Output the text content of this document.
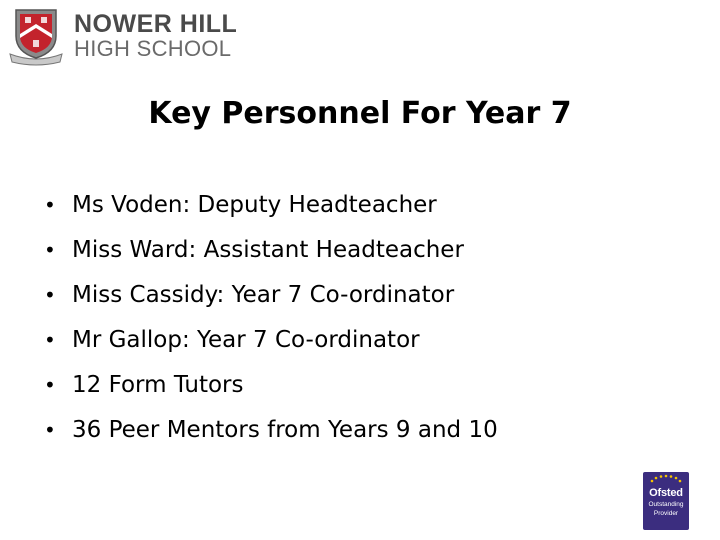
NOWER HILL
HIGH SCHOOL
Key Personnel For Year 7
• Ms Voden: Deputy Headteacher
• Miss Ward: Assistant Headteacher
• Miss Cassidy: Year 7 Co-ordinator
• Mr Gallop: Year 7 Co-ordinator
• 12 Form Tutors
• 36 Peer Mentors from Years 9 and 10
Ofsted
Outstanding
Provider
